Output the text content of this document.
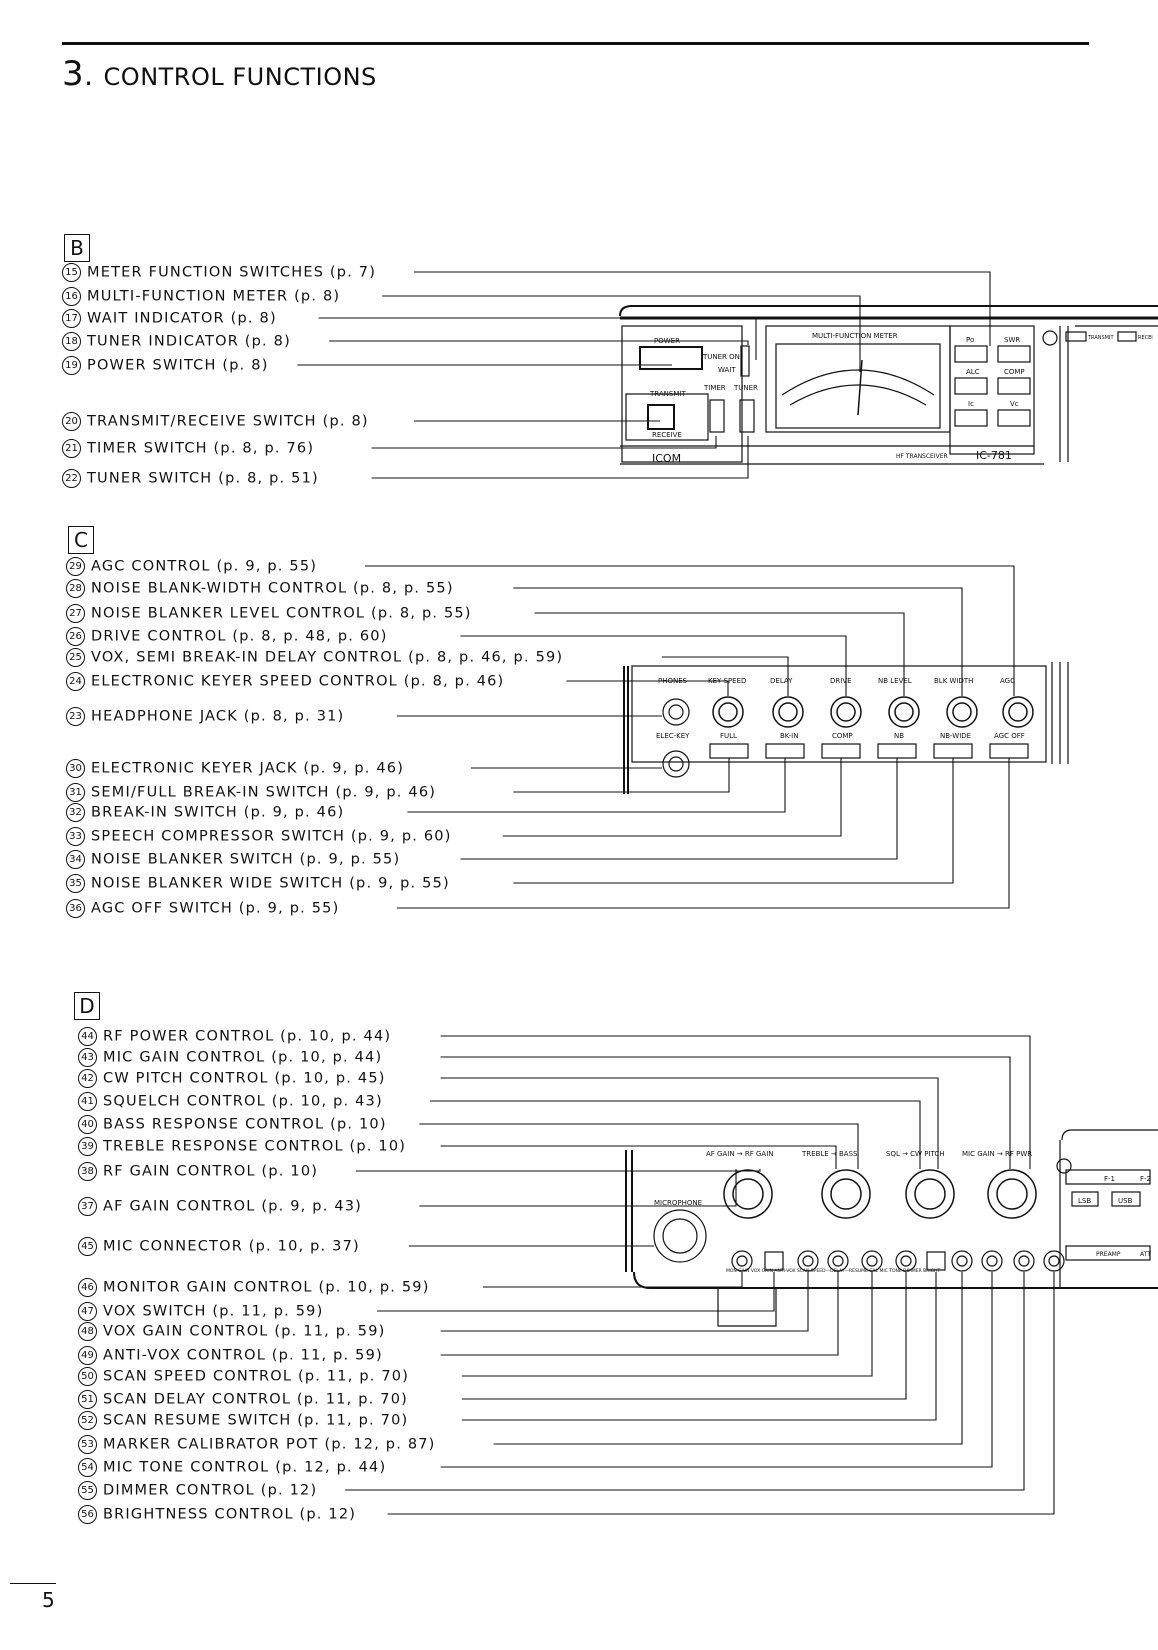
3. CONTROL FUNCTIONS
B
C
D
15 METER FUNCTION SWITCHES (p. 7)
16 MULTI-FUNCTION METER (p. 8)
17 WAIT INDICATOR (p. 8)
18 TUNER INDICATOR (p. 8)
19 POWER SWITCH (p. 8)
20 TRANSMIT/RECEIVE SWITCH (p. 8)
21 TIMER SWITCH (p. 8, p. 76)
22 TUNER SWITCH (p. 8, p. 51)
29 AGC CONTROL (p. 9, p. 55)
28 NOISE BLANK-WIDTH CONTROL (p. 8, p. 55)
27 NOISE BLANKER LEVEL CONTROL (p. 8, p. 55)
26 DRIVE CONTROL (p. 8, p. 48, p. 60)
25 VOX, SEMI BREAK-IN DELAY CONTROL (p. 8, p. 46, p. 59)
24 ELECTRONIC KEYER SPEED CONTROL (p. 8, p. 46)
23 HEADPHONE JACK (p. 8, p. 31)
30 ELECTRONIC KEYER JACK (p. 9, p. 46)
31 SEMI/FULL BREAK-IN SWITCH (p. 9, p. 46)
32 BREAK-IN SWITCH (p. 9, p. 46)
33 SPEECH COMPRESSOR SWITCH (p. 9, p. 60)
34 NOISE BLANKER SWITCH (p. 9, p. 55)
35 NOISE BLANKER WIDE SWITCH (p. 9, p. 55)
36 AGC OFF SWITCH (p. 9, p. 55)
44 RF POWER CONTROL (p. 10, p. 44)
43 MIC GAIN CONTROL (p. 10, p. 44)
42 CW PITCH CONTROL (p. 10, p. 45)
41 SQUELCH CONTROL (p. 10, p. 43)
40 BASS RESPONSE CONTROL (p. 10)
39 TREBLE RESPONSE CONTROL (p. 10)
38 RF GAIN CONTROL (p. 10)
37 AF GAIN CONTROL (p. 9, p. 43)
45 MIC CONNECTOR (p. 10, p. 37)
46 MONITOR GAIN CONTROL (p. 10, p. 59)
47 VOX SWITCH (p. 11, p. 59)
48 VOX GAIN CONTROL (p. 11, p. 59)
49 ANTI-VOX CONTROL (p. 11, p. 59)
50 SCAN SPEED CONTROL (p. 11, p. 70)
51 SCAN DELAY CONTROL (p. 11, p. 70)
52 SCAN RESUME SWITCH (p. 11, p. 70)
53 MARKER CALIBRATOR POT (p. 12, p. 87)
54 MIC TONE CONTROL (p. 12, p. 44)
55 DIMMER CONTROL (p. 12)
56 BRIGHTNESS CONTROL (p. 12)
POWER
TUNER ON
WAIT
TRANSMIT
RECEIVE
TIMER TUNER
MULTI-FUNCTION METER	Po	SWR
ALC	COMP
Ic	Vc
TRANSMIT	RECEI
HF TRANSCEIVER	IC-781
ICOM
PHONES
ELEC-KEY
KEY SPEED	DELAY	DRIVE	NB LEVEL	BLK WIDTH	AGC
FULL	BK-IN	COMP	NB	NB-WIDE	AGC OFF
AF GAIN → RF GAIN	TREBLE → BASS	SQL → CW PITCH MIC GAIN → RF PWR
MICROPHONE
MON GAIN VOX GAIN ANTI-VOX SCAN SPEED—DELAY—RESUME CAL MIC TONE DIMMER BRIGHT
F-1	F-2
LSB	USB
PREAMP	ATT
5
